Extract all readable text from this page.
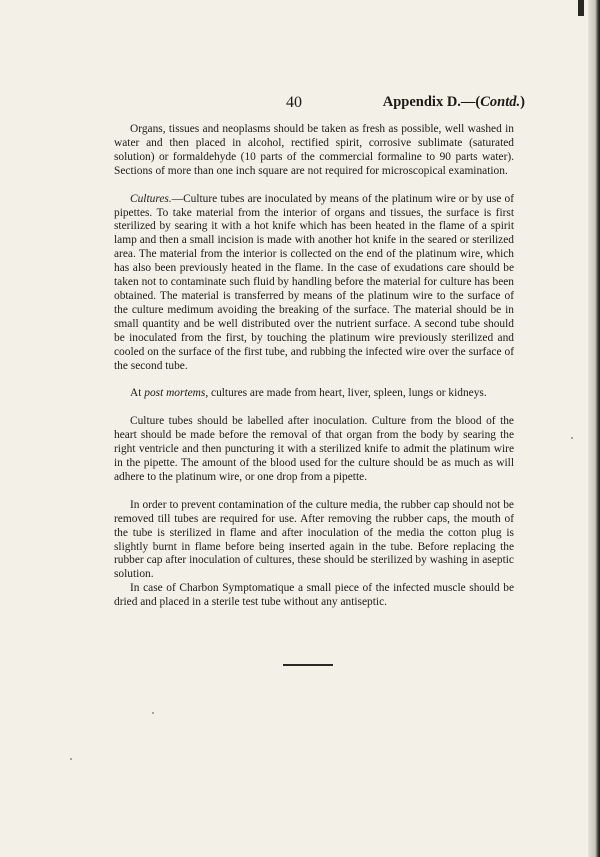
40	Appendix D.—(Contd.)

Organs, tissues and neoplasms should be taken as fresh as possible, well washed in water and then placed in alcohol, rectified spirit, corrosive sublimate (saturated solution) or formaldehyde (10 parts of the commercial formaline to 90 parts water). Sections of more than one inch square are not required for microscopical examination.

Cultures.—Culture tubes are inoculated by means of the platinum wire or by use of pipettes. To take material from the interior of organs and tissues, the surface is first sterilized by searing it with a hot knife which has been heated in the flame of a spirit lamp and then a small incision is made with another hot knife in the seared or sterilized area. The material from the interior is collected on the end of the platinum wire, which has also been previously heated in the flame. In the case of exudations care should be taken not to contaminate such fluid by handling before the material for culture has been obtained. The material is transferred by means of the platinum wire to the surface of the culture medimum avoiding the breaking of the surface. The material should be in small quantity and be well distributed over the nutrient surface. A second tube should be inoculated from the first, by touching the platinum wire previously sterilized and cooled on the surface of the first tube, and rubbing the infected wire over the surface of the second tube.

At post mortems, cultures are made from heart, liver, spleen, lungs or kidneys.

Culture tubes should be labelled after inoculation. Culture from the blood of the heart should be made before the removal of that organ from the body by searing the right ventricle and then puncturing it with a sterilized knife to admit the platinum wire in the pipette. The amount of the blood used for the culture should be as much as will adhere to the platinum wire, or one drop from a pipette.

In order to prevent contamination of the culture media, the rubber cap should not be removed till tubes are required for use. After removing the rubber caps, the mouth of the tube is sterilized in flame and after inoculation of the media the cotton plug is slightly burnt in flame before being inserted again in the tube. Before replacing the rubber cap after inoculation of cultures, these should be sterilized by washing in aseptic solution.

In case of Charbon Symptomatique a small piece of the infected muscle should be dried and placed in a sterile test tube without any antiseptic.
